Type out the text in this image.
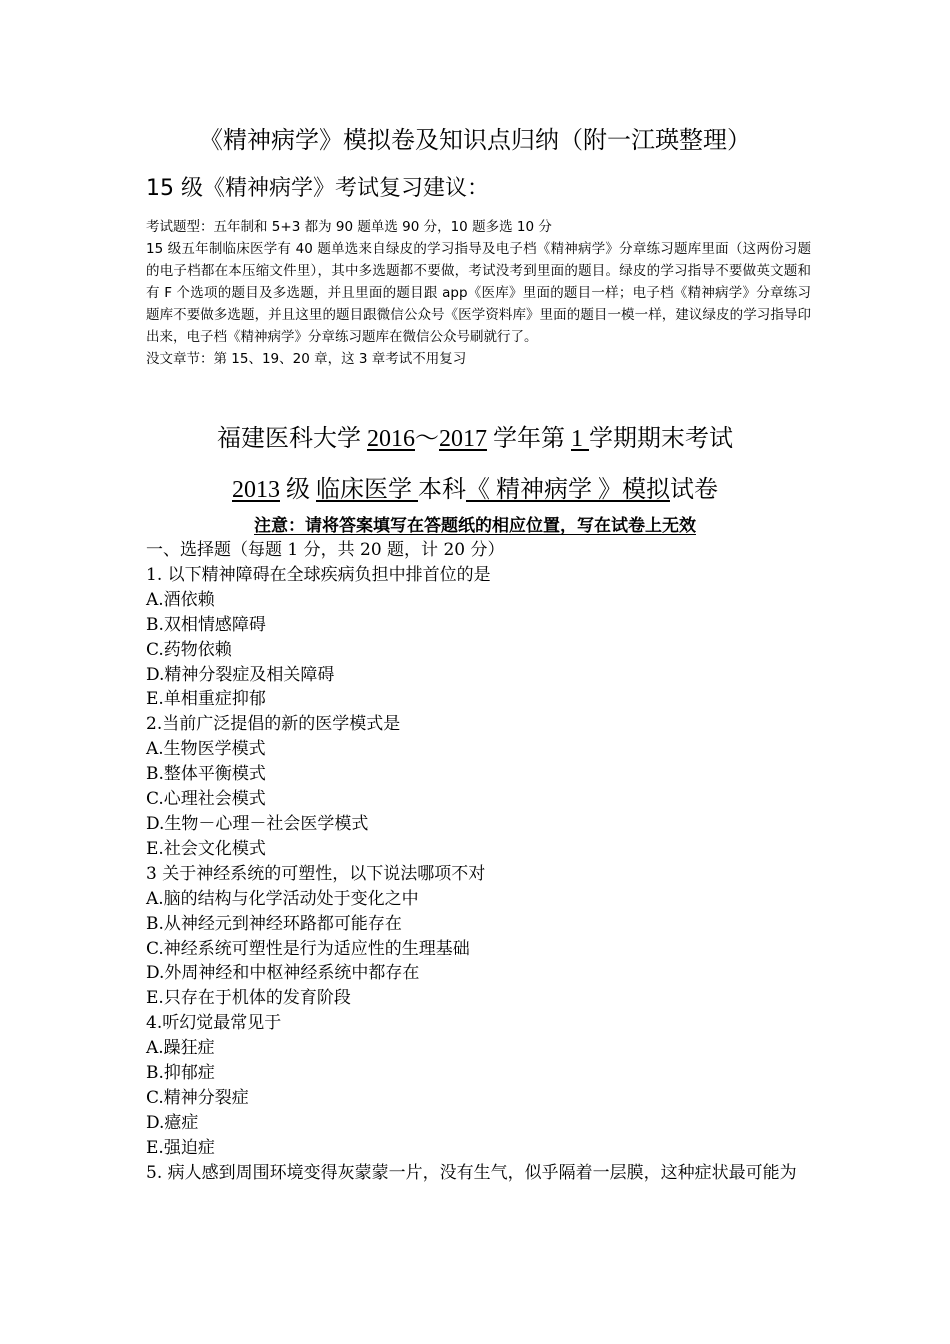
《精神病学》模拟卷及知识点归纳（附一江瑛整理）
15 级《精神病学》考试复习建议：

考试题型：五年制和 5+3 都为 90 题单选 90 分，10 题多选 10 分

15 级五年制临床医学有 40 题单选来自绿皮的学习指导及电子档《精神病学》分章练习题库里面（这两份习题的电子档都在本压缩文件里），其中多选题都不要做，考试没考到里面的题目。绿皮的学习指导不要做英文题和有 F 个选项的题目及多选题，并且里面的题目跟 app《医库》里面的题目一样；电子档《精神病学》分章练习题库不要做多选题，并且这里的题目跟微信公众号《医学资料库》里面的题目一模一样，建议绿皮的学习指导印出来，电子档《精神病学》分章练习题库在微信公众号刷就行了。

没文章节：第 15、19、20 章，这 3 章考试不用复习

福建医科大学 2016～2017 学年第 1 学期期末考试
2013 级 临床医学 本科《 精神病学 》模拟试卷
注意：请将答案填写在答题纸的相应位置，写在试卷上无效
一、选择题（每题 1 分，共 20 题，计 20 分）
1. 以下精神障碍在全球疾病负担中排首位的是
A.酒依赖
B.双相情感障碍
C.药物依赖
D.精神分裂症及相关障碍
E.单相重症抑郁
2.当前广泛提倡的新的医学模式是
A.生物医学模式
B.整体平衡模式
C.心理社会模式
D.生物－心理－社会医学模式
E.社会文化模式
3 关于神经系统的可塑性，以下说法哪项不对
A.脑的结构与化学活动处于变化之中
B.从神经元到神经环路都可能存在
C.神经系统可塑性是行为适应性的生理基础
D.外周神经和中枢神经系统中都存在
E.只存在于机体的发育阶段
4.听幻觉最常见于
A.躁狂症
B.抑郁症
C.精神分裂症
D.癔症
E.强迫症
5. 病人感到周围环境变得灰蒙蒙一片，没有生气，似乎隔着一层膜，这种症状最可能为
